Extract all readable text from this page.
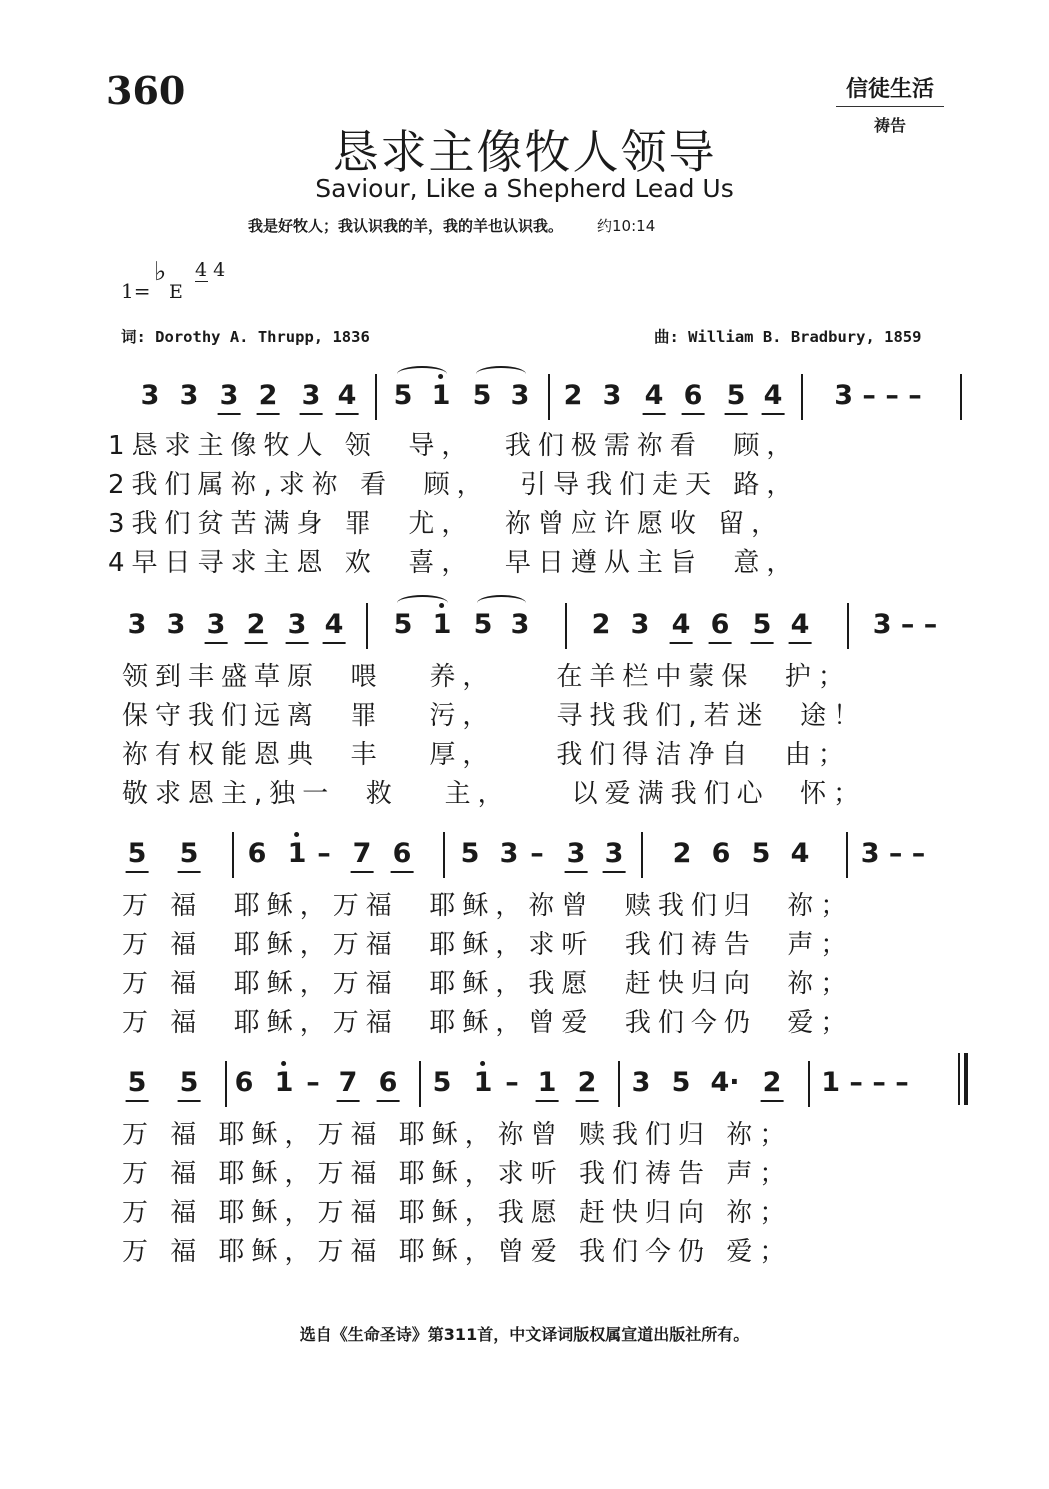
360	信徒生活
祷告
恳求主像牧人领导
Saviour, Like a Shepherd Lead Us
我是好牧人；我认识我的羊，我的羊也认识我。 约10:14
1=
♭
E
4 4
词: Dorothy A. Thrupp, 1836	曲: William B. Bradbury, 1859
3 3 3 2 3 4 5 1 5 3 2 3 4 6 5 4 3 – – –
3 3 3 2 3 4 5 1 5 3 2 3 4 6 5 4 3 – –
5 5 6 1 – 7 6 5 3 – 3 3 2 6 5 4 3 – –
5 5 6 1 – 7 6 5 1 – 1 2 3 5 4· 2 1 – – –
1恳求主像牧人 领  导，  我们极需祢看  顾，
2我们属祢,求祢 看  顾，  引导我们走天 路，
3我们贫苦满身 罪  尤，  祢曾应许愿收 留，
4早日寻求主恩 欢  喜，  早日遵从主旨  意，
领到丰盛草原  喂   养，    在羊栏中蒙保  护；
保守我们远离  罪   污，    寻找我们,若迷  途！
祢有权能恩典  丰   厚，    我们得洁净自  由；
敬求恩主,独一  救   主，    以爱满我们心  怀；
万 福  耶稣，万福  耶稣，祢曾  赎我们归  祢；
万 福  耶稣，万福  耶稣，求听  我们祷告  声；
万 福  耶稣，万福  耶稣，我愿  赶快归向  祢；
万 福  耶稣，万福  耶稣，曾爱  我们今仍  爱；
万 福 耶稣，万福 耶稣，祢曾 赎我们归 祢；
万 福 耶稣，万福 耶稣，求听 我们祷告 声；
万 福 耶稣，万福 耶稣，我愿 赶快归向 祢；
万 福 耶稣，万福 耶稣，曾爱 我们今仍 爱；
选自《生命圣诗》第311首，中文译词版权属宣道出版社所有。
